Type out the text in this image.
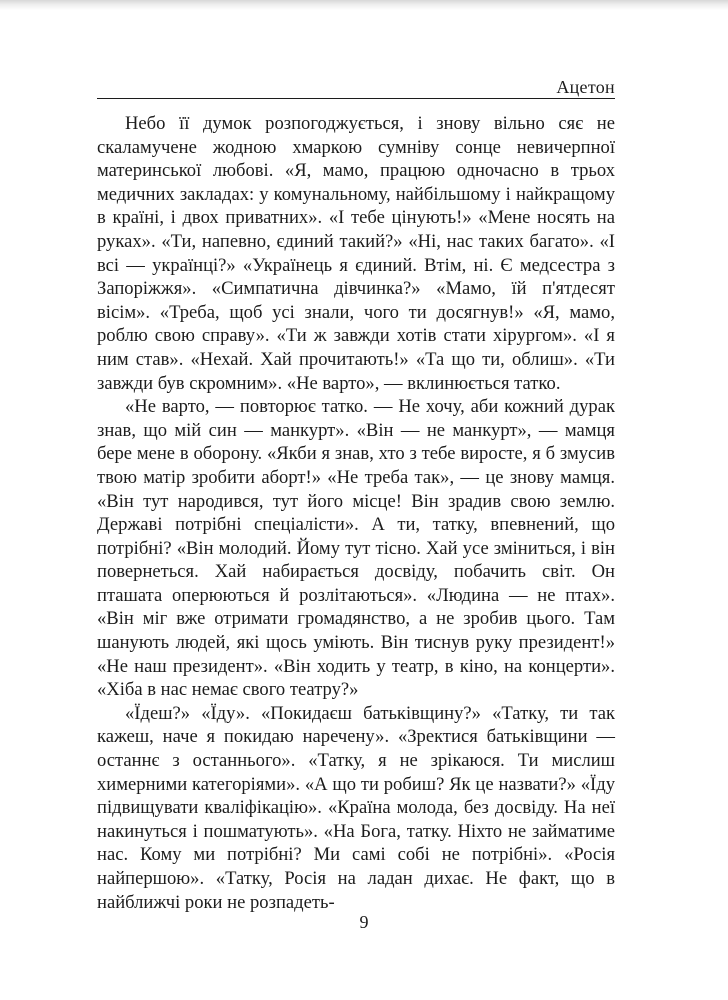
Ацетон

Небо її думок розпогоджується, і знову вільно сяє не скаламучене жодною хмаркою сумніву сонце невичерпної материнської любові. «Я, мамо, працюю одночасно в трьох медичних закладах: у комунальному, найбільшому і найкращому в країні, і двох приватних». «І тебе цінують!» «Мене носять на руках». «Ти, напевно, єдиний такий?» «Ні, нас таких багато». «І всі — українці?» «Українець я єдиний. Втім, ні. Є медсестра з Запоріжжя». «Симпатична дівчинка?» «Мамо, їй п'ятдесят вісім». «Треба, щоб усі знали, чого ти досягнув!» «Я, мамо, роблю свою справу». «Ти ж завжди хотів стати хірургом». «І я ним став». «Нехай. Хай прочитають!» «Та що ти, облиш». «Ти завжди був скромним». «Не варто», — вклинюється татко.

«Не варто, — повторює татко. — Не хочу, аби кожний дурак знав, що мій син — манкурт». «Він — не манкурт», — мамця бере мене в оборону. «Якби я знав, хто з тебе виросте, я б змусив твою матір зробити аборт!» «Не треба так», — це знову мамця. «Він тут народився, тут його місце! Він зрадив свою землю. Державі потрібні спеціалісти». А ти, татку, впевнений, що потрібні? «Він молодий. Йому тут тісно. Хай усе зміниться, і він повернеться. Хай набирається досвіду, побачить світ. Он пташата оперюються й розлітаються». «Людина — не птах». «Він міг вже отримати громадянство, а не зробив цього. Там шанують людей, які щось уміють. Він тиснув руку президент!» «Не наш президент». «Він ходить у театр, в кіно, на концерти». «Хіба в нас немає свого театру?»

«Їдеш?» «Їду». «Покидаєш батьківщину?» «Татку, ти так кажеш, наче я покидаю наречену». «Зректися батьківщини — останнє з останнього». «Татку, я не зрікаюся. Ти мислиш химерними категоріями». «А що ти робиш? Як це назвати?» «Їду підвищувати кваліфікацію». «Країна молода, без досвіду. На неї накинуться і пошматують». «На Бога, татку. Ніхто не займатиме нас. Кому ми потрібні? Ми самі собі не потрібні». «Росія найпершою». «Татку, Росія на ладан дихає. Не факт, що в найближчі роки не розпадеть-

9
